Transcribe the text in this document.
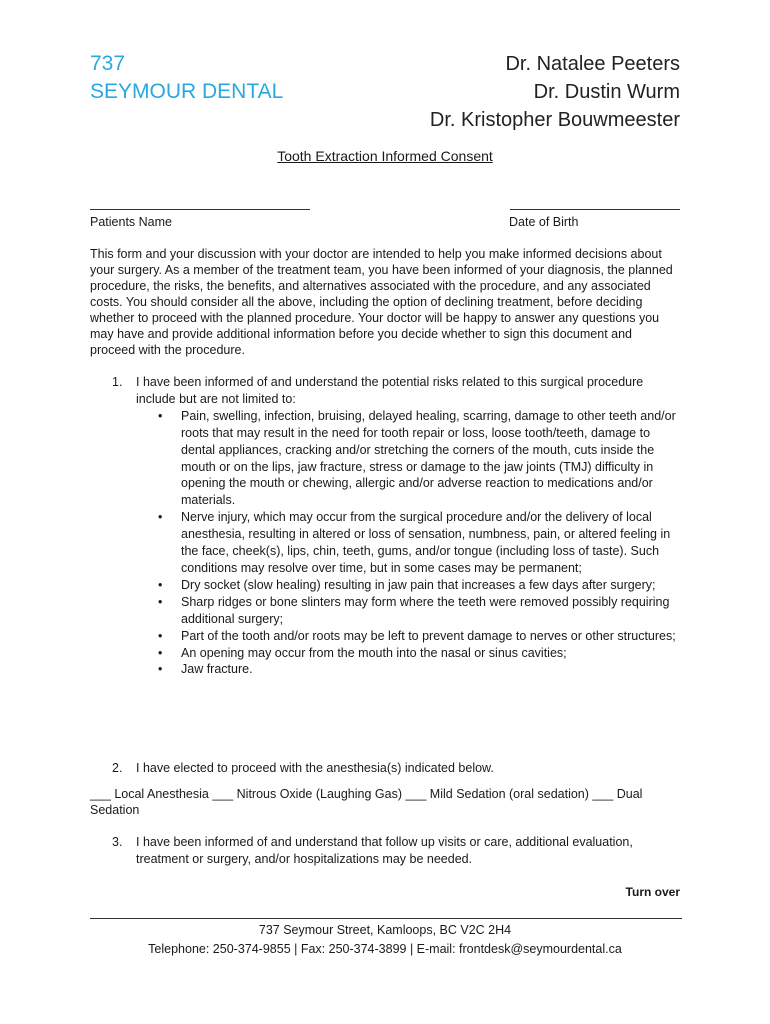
737
SEYMOUR DENTAL
Dr. Natalee Peeters
Dr. Dustin Wurm
Dr. Kristopher Bouwmeester
Tooth Extraction Informed Consent
Patients Name	Date of Birth
This form and your discussion with your doctor are intended to help you make informed decisions about your surgery. As a member of the treatment team, you have been informed of your diagnosis, the planned procedure, the risks, the benefits, and alternatives associated with the procedure, and any associated costs. You should consider all the above, including the option of declining treatment, before deciding whether to proceed with the planned procedure. Your doctor will be happy to answer any questions you may have and provide additional information before you decide whether to sign this document and proceed with the procedure.
1. I have been informed of and understand the potential risks related to this surgical procedure include but are not limited to:
• Pain, swelling, infection, bruising, delayed healing, scarring, damage to other teeth and/or roots that may result in the need for tooth repair or loss, loose tooth/teeth, damage to dental appliances, cracking and/or stretching the corners of the mouth, cuts inside the mouth or on the lips, jaw fracture, stress or damage to the jaw joints (TMJ) difficulty in opening the mouth or chewing, allergic and/or adverse reaction to medications and/or materials.
• Nerve injury, which may occur from the surgical procedure and/or the delivery of local anesthesia, resulting in altered or loss of sensation, numbness, pain, or altered feeling in the face, cheek(s), lips, chin, teeth, gums, and/or tongue (including loss of taste). Such conditions may resolve over time, but in some cases may be permanent;
• Dry socket (slow healing) resulting in jaw pain that increases a few days after surgery;
• Sharp ridges or bone slinters may form where the teeth were removed possibly requiring additional surgery;
• Part of the tooth and/or roots may be left to prevent damage to nerves or other structures;
• An opening may occur from the mouth into the nasal or sinus cavities;
• Jaw fracture.
2. I have elected to proceed with the anesthesia(s) indicated below.
___ Local Anesthesia ___ Nitrous Oxide (Laughing Gas) ___ Mild Sedation (oral sedation) ___ Dual Sedation
3. I have been informed of and understand that follow up visits or care, additional evaluation, treatment or surgery, and/or hospitalizations may be needed.
Turn over
737 Seymour Street, Kamloops, BC V2C 2H4
Telephone: 250-374-9855 | Fax: 250-374-3899 | E-mail: frontdesk@seymourdental.ca
